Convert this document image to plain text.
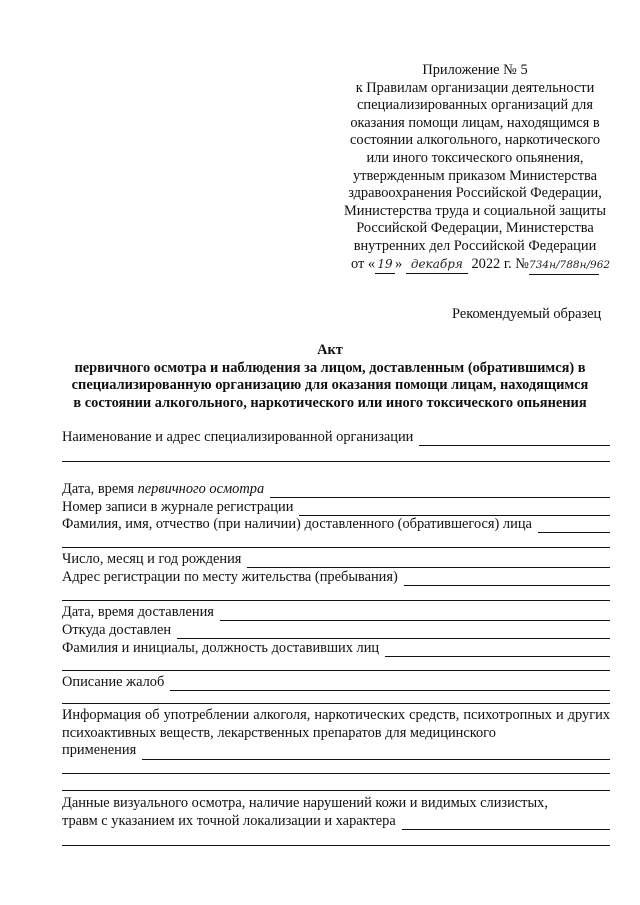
Приложение № 5
к Правилам организации деятельности
специализированных организаций для
оказания помощи лицам, находящимся в
состоянии алкогольного, наркотического
или иного токсического опьянения,
утвержденным приказом Министерства
здравоохранения Российской Федерации,
Министерства труда и социальной защиты
Российской Федерации, Министерства
внутренних дел Российской Федерации
от « 19 » декабря 2022 г. №734н/788н/962
Рекомендуемый образец
Акт
первичного осмотра и наблюдения за лицом, доставленным (обратившимся) в
специализированную организацию для оказания помощи лицам, находящимся
в состоянии алкогольного, наркотического или иного токсического опьянения
Наименование и адрес специализированной организации
Дата, время первичного осмотра
Номер записи в журнале регистрации
Фамилия, имя, отчество (при наличии) доставленного (обратившегося) лица
Число, месяц и год рождения
Адрес регистрации по месту жительства (пребывания)
Дата, время доставления
Откуда доставлен
Фамилия и инициалы, должность доставивших лиц
Описание жалоб
Информация об употреблении алкоголя, наркотических средств, психотропных и других психоактивных веществ, лекарственных препаратов для медицинского
применения
Данные визуального осмотра, наличие нарушений кожи и видимых слизистых,
травм с указанием их точной локализации и характера
